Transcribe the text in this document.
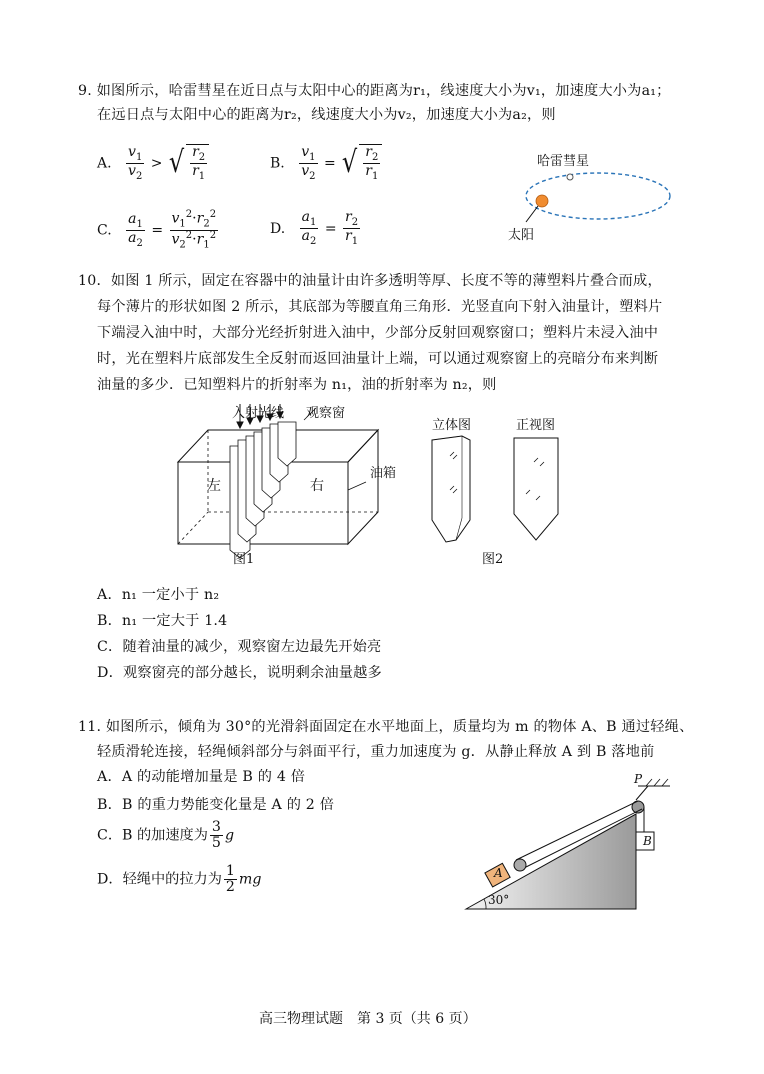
9. 如图所示，哈雷彗星在近日点与太阳中心的距离为r₁，线速度大小为v₁，加速度大小为a₁；
在远日点与太阳中心的距离为r₂，线速度大小为v₂，加速度大小为a₂，则
A. $\frac{v_1}{v_2}$ > √ $\frac{r_2}{r_1}$	B. $\frac{v_1}{v_2}$ = √ $\frac{r_2}{r_1}$
C. $\frac{a_1}{a_2} = \frac{v_1^2\cdot r_2^2}{v_2^2\cdot r_1^2}$	D. $\frac{a_1}{a_2} = \frac{r_2}{r_1}$
哈雷彗星
太阳
10．如图 1 所示，固定在容器中的油量计由许多透明等厚、长度不等的薄塑料片叠合而成，
每个薄片的形状如图 2 所示，其底部为等腰直角三角形．光竖直向下射入油量计，塑料片
下端浸入油中时，大部分光经折射进入油中，少部分反射回观察窗口；塑料片未浸入油中
时，光在塑料片底部发生全反射而返回油量计上端，可以通过观察窗上的亮暗分布来判断
油量的多少．已知塑料片的折射率为 n₁，油的折射率为 n₂，则
入射光线 观察窗
左	右
油箱
图1
立体图	正视图
图2
A．n₁ 一定小于 n₂
B．n₁ 一定大于 1.4
C．随着油量的减少，观察窗左边最先开始亮
D．观察窗亮的部分越长，说明剩余油量越多
11. 如图所示，倾角为 30°的光滑斜面固定在水平地面上，质量均为 m 的物体 A、B 通过轻绳、
轻质滑轮连接，轻绳倾斜部分与斜面平行，重力加速度为 g．从静止释放 A 到 B 落地前
A．A 的动能增加量是 B 的 4 倍
B．B 的重力势能变化量是 A 的 2 倍
C．B 的加速度为 $\frac{3}{5}$ g
D．轻绳中的拉力为 $\frac{1}{2}$ mg
P
A
B
30°
高三物理试题　第 3 页（共 6 页）
